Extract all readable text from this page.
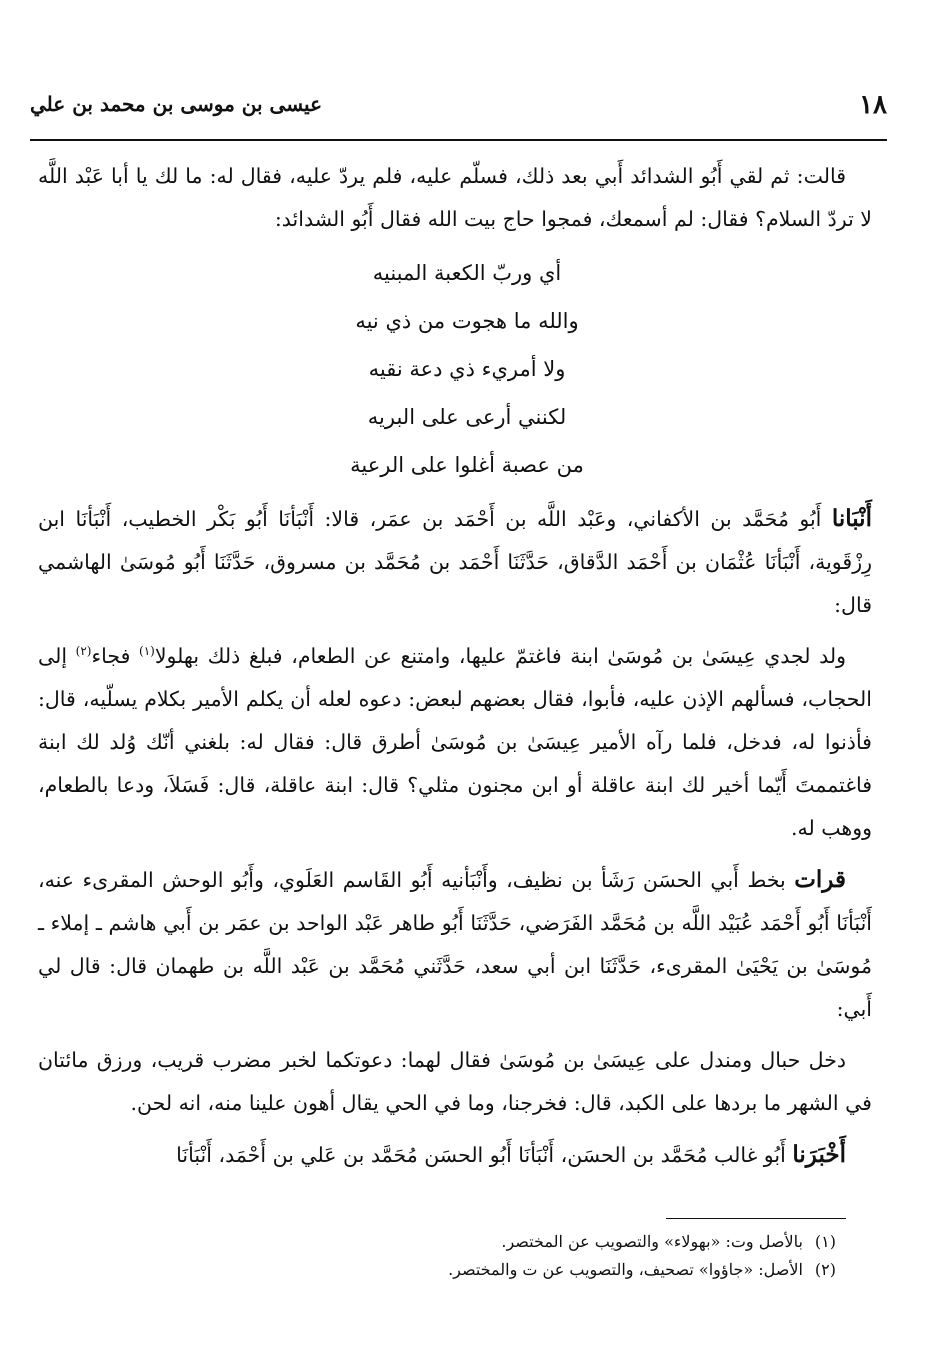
١٨
عيسى بن موسى بن محمد بن علي

قالت: ثم لقي أَبُو الشدائد أَبي بعد ذلك، فسلّم عليه، فلم يردّ عليه، فقال له: ما لك يا أبا عَبْد اللَّه لا تردّ السلام؟ فقال: لم أسمعك، فمجوا حاج بيت الله فقال أَبُو الشدائد:

أي وربّ الكعبة المبنيه
والله ما هجوت من ذي نيه
ولا أمريء ذي دعة نقيه
لكنني أرعى على البريه
من عصبة أغلوا على الرعية

أَنْبَانا أَبُو مُحَمَّد بن الأكفاني، وعَبْد اللَّه بن أَحْمَد بن عمَر، قالا: أَنْبَأنَا أَبُو بَكْر الخطيب، أَنْبَأنَا ابن رِزْقَوية، أَنْبَأنَا عُثْمَان بن أَحْمَد الدَّقاق، حَدَّثَنَا أَحْمَد بن مُحَمَّد بن مسروق، حَدَّثَنَا أَبُو مُوسَىٰ الهاشمي قال:

ولد لجدي عِيسَىٰ بن مُوسَىٰ ابنة فاغتمّ عليها، وامتنع عن الطعام، فبلغ ذلك بهلولا$^{(١)}$ فجاء$^{(٢)}$ إلى الحجاب، فسألهم الإذن عليه، فأبوا، فقال بعضهم لبعض: دعوه لعله أن يكلم الأمير بكلام يسلّيه، قال: فأذنوا له، فدخل، فلما رآه الأمير عِيسَىٰ بن مُوسَىٰ أطرق قال: فقال له: بلغني أنّك وُلد لك ابنة فاغتممتَ أَيّما أخير لك ابنة عاقلة أو ابن مجنون مثلي؟ قال: ابنة عاقلة، قال: فَسَلاَ، ودعا بالطعام، ووهب له.

قرات بخط أَبي الحسَن رَشَأ بن نظيف، وأَنْبَأنيه أَبُو القَاسم العَلَوي، وأَبُو الوحش المقرىء عنه، أَنْبَأنَا أَبُو أَحْمَد عُبَيْد اللَّه بن مُحَمَّد الفَرَضي، حَدَّثَنَا أَبُو طاهر عَبْد الواحد بن عمَر بن أَبي هاشم ـ إملاء ـ مُوسَىٰ بن يَحْيَىٰ المقرىء، حَدَّثَنَا ابن أبي سعد، حَدَّثَني مُحَمَّد بن عَبْد اللَّه بن طهمان قال: قال لي أَبي:

دخل حبال ومندل على عِيسَىٰ بن مُوسَىٰ فقال لهما: دعوتكما لخبر مضرب قريب، ورزق مائتان في الشهر ما بردها على الكبد، قال: فخرجنا، وما في الحي يقال أهون علينا منه، انه لحن.

أَخْبَرَنا أَبُو غالب مُحَمَّد بن الحسَن، أَنْبَأنَا أَبُو الحسَن مُحَمَّد بن عَلي بن أَحْمَد، أَنْبَأنَا

(١)بالأصل وت: «بهولاء» والتصويب عن المختصر.

(٢)الأصل: «جاؤوا» تصحيف، والتصويب عن ت والمختصر.
